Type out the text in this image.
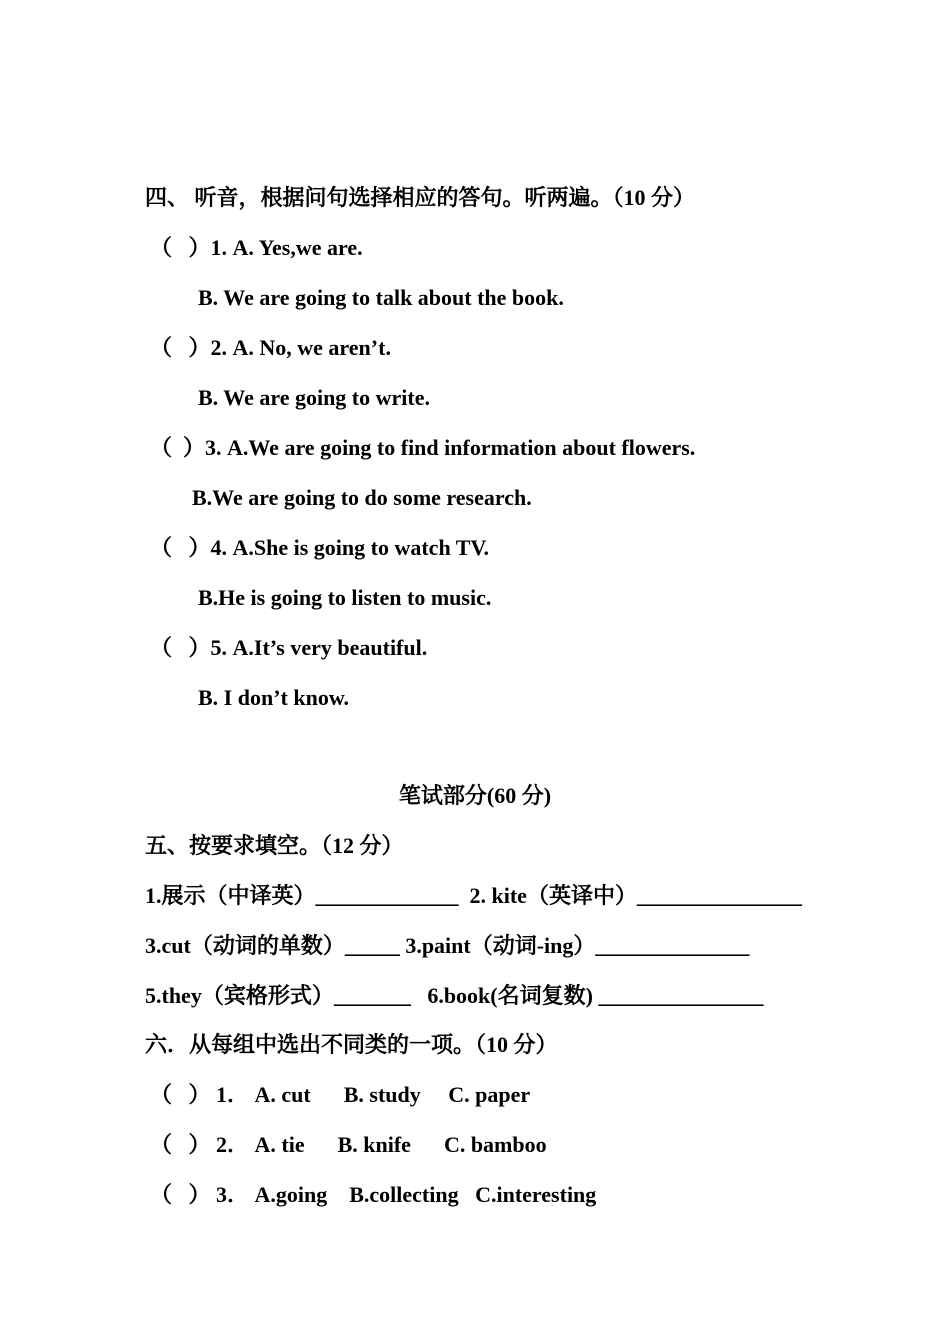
四、 听音，根据问句选择相应的答句。听两遍。（10 分）
（   ）1. A. Yes,we are.
B. We are going to talk about the book.
（   ）2. A. No, we aren’t.
B. We are going to write.
（  ）3. A.We are going to find information about flowers.
B.We are going to do some research.
（   ）4. A.She is going to watch TV.
B.He is going to listen to music.
（   ）5. A.It’s very beautiful.
B. I don’t know.
笔试部分(60 分)
五、按要求填空。（12 分）
1.展示（中译英）_____________  2. kite（英译中）_______________
3.cut（动词的单数）_____ 3.paint（动词-ing）______________
5.they（宾格形式）_______   6.book(名词复数) _______________
六．从每组中选出不同类的一项。（10 分）
（   ） 1． A. cut      B. study     C. paper
（   ） 2． A. tie      B. knife      C. bamboo
（   ） 3． A.going    B.collecting   C.interesting
